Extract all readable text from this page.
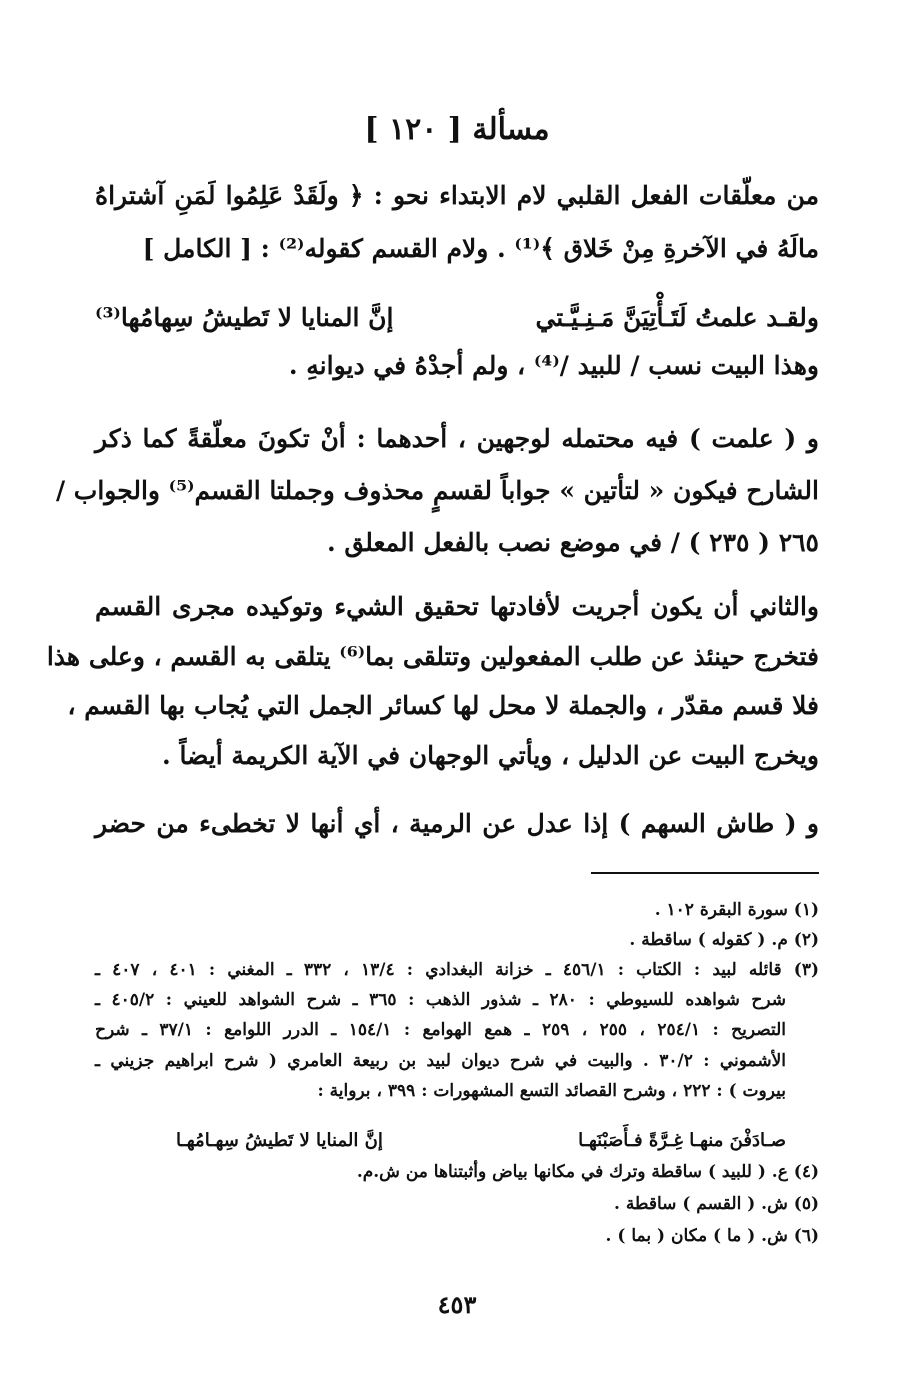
مسألة [ ١٢٠ ]
من معلّقات الفعل القلبي لام الابتداء نحو : ﴿ ولَقَدْ عَلِمُوا لَمَنِ آشتراهُ
مالَهُ في الآخرةِ مِنْ خَلاق ﴾⁽¹⁾ . ولام القسم كقوله⁽²⁾ : [ الكامل ]
ولقـد علمتُ لَتَـأْتِيَنَّ مَـنِـيَّـتي
إنَّ المنايا لا تَطيشُ سِهامُها⁽³⁾
وهذا البيت نسب / للبيد /⁽⁴⁾ ، ولم أجدْهُ في ديوانهِ .
و ( علمت ) فيه محتمله لوجهين ، أحدهما : أنْ تكونَ معلّقةً كما ذكر
الشارح فيكون « لتأتين » جواباً لقسمٍ محذوف وجملتا القسم⁽⁵⁾ والجواب /
٢٦٥ ( ٢٣٥ ) / في موضع نصب بالفعل المعلق .
والثاني أن يكون أجريت لأفادتها تحقيق الشيء وتوكيده مجرى القسم
فتخرج حينئذ عن طلب المفعولين وتتلقى بما⁽⁶⁾ يتلقى به القسم ، وعلى هذا
فلا قسم مقدّر ، والجملة لا محل لها كسائر الجمل التي يُجاب بها القسم ،
ويخرج البيت عن الدليل ، ويأتي الوجهان في الآية الكريمة أيضاً .
و ( طاش السهم ) إذا عدل عن الرمية ، أي أنها لا تخطىء من حضر
(١) سورة البقرة ١٠٢ .
(٢) م. ( كقوله ) ساقطة .
(٣) قائله لبيد : الكتاب : ٤٥٦/١ ـ خزانة البغدادي : ١٣/٤ ، ٣٣٢ ـ المغني : ٤٠١ ، ٤٠٧ ـ
شرح شواهده للسيوطي : ٢٨٠ ـ شذور الذهب : ٣٦٥ ـ شرح الشواهد للعيني : ٤٠٥/٢ ـ
التصريح : ٢٥٤/١ ، ٢٥٥ ، ٢٥٩ ـ همع الهوامع : ١٥٤/١ ـ الدرر اللوامع : ٣٧/١ ـ شرح
الأشموني : ٣٠/٢ . والبيت في شرح ديوان لبيد بن ربيعة العامري ( شرح ابراهيم جزيني ـ
بيروت ) : ٢٢٢ ، وشرح القصائد التسع المشهورات : ٣٩٩ ، برواية :
صـادَفْنَ منهـا غِـرَّةً فـأَصَبْنَهـا
إنَّ المنايا لا تَطيشُ سِهـامُهـا
(٤) ع. ( للبيد ) ساقطة وترك في مكانها بياض وأثبتناها من ش.م.
(٥) ش. ( القسم ) ساقطة .
(٦) ش. ( ما ) مكان ( بما ) .
٤٥٣
